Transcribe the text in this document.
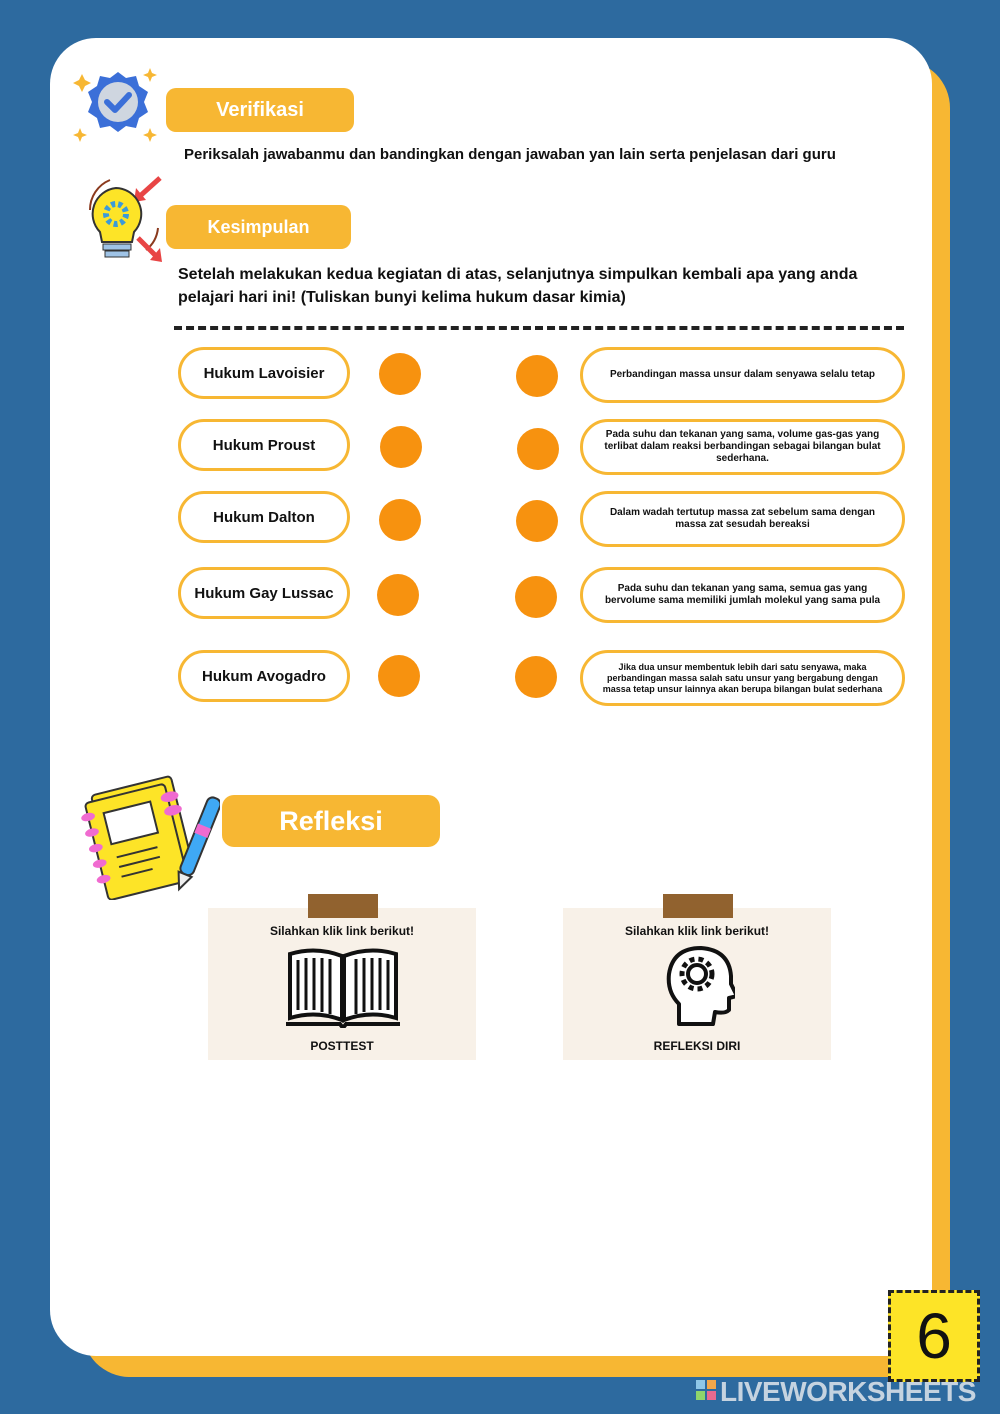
Verifikasi
Periksalah jawabanmu dan bandingkan dengan jawaban yan lain serta penjelasan dari guru
Kesimpulan
Setelah melakukan kedua kegiatan di atas, selanjutnya simpulkan kembali apa yang anda pelajari hari ini! (Tuliskan bunyi kelima hukum dasar kimia)
Hukum Lavoisier
Hukum Proust
Hukum Dalton
Hukum Gay Lussac
Hukum Avogadro
Perbandingan massa unsur dalam senyawa selalu tetap
Pada suhu dan tekanan yang sama, volume gas-gas yang terlibat dalam reaksi berbandingan sebagai bilangan bulat sederhana.
Dalam wadah tertutup massa zat sebelum sama dengan massa zat sesudah bereaksi
Pada suhu dan tekanan yang sama, semua gas yang bervolume sama memiliki jumlah molekul yang sama pula
Jika dua unsur membentuk lebih dari satu senyawa, maka perbandingan massa salah satu unsur yang bergabung dengan massa tetap unsur lainnya akan berupa bilangan bulat sederhana
Refleksi
Silahkan klik link berikut!
POSTTEST
Silahkan klik link berikut!
REFLEKSI DIRI
6
LIVEWORKSHEETS
